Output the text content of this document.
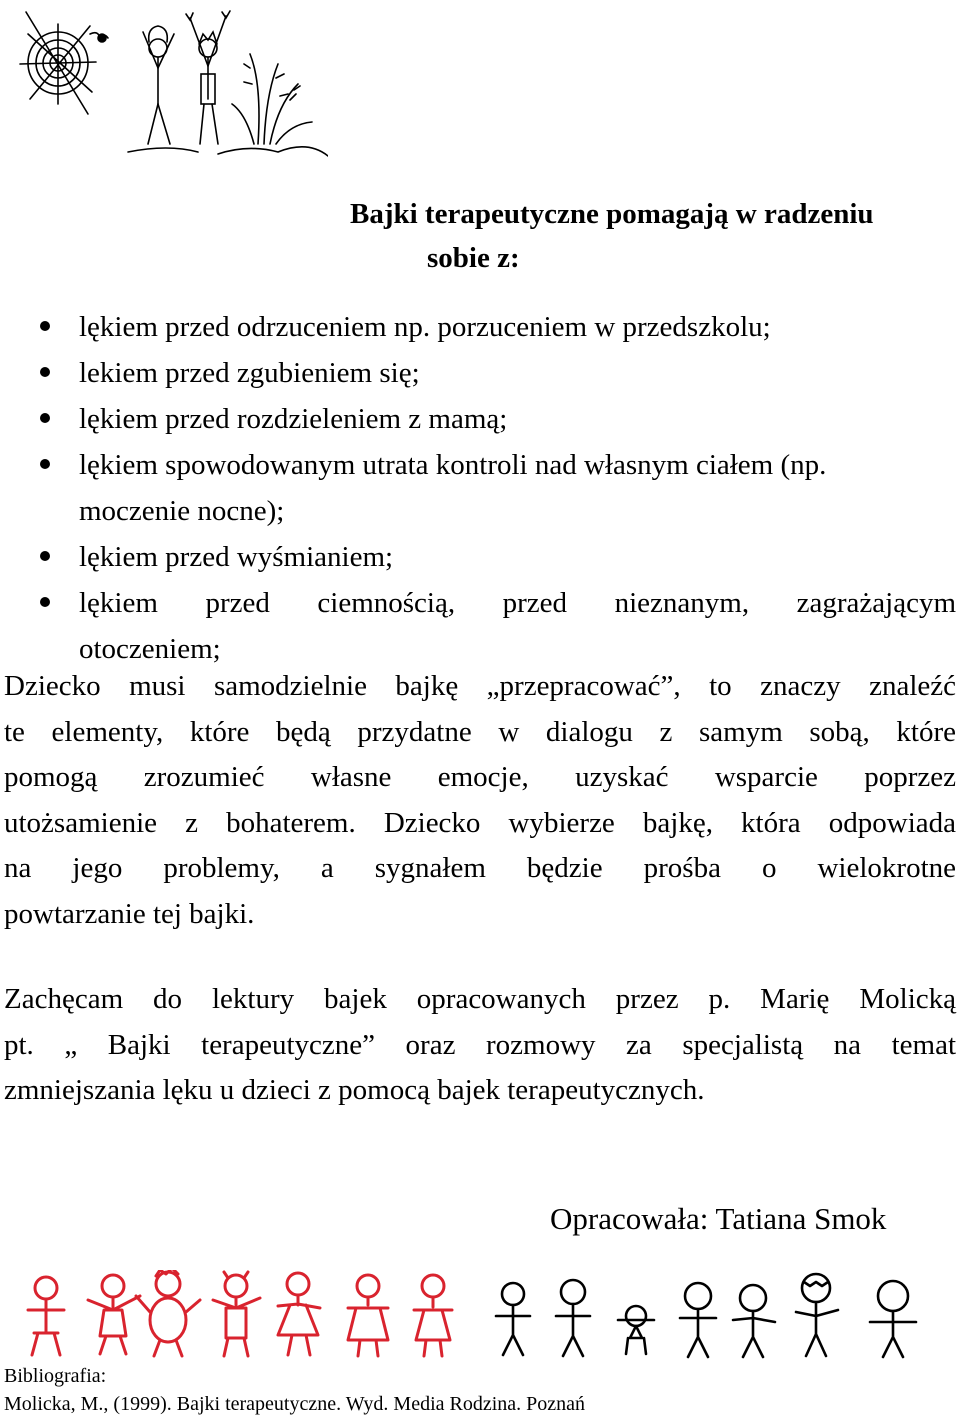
Bajki terapeutyczne pomagają w radzeniu
sobie z:
lękiem przed odrzuceniem np. porzuceniem w przedszkolu;
lekiem przed zgubieniem się;
lękiem przed rozdzieleniem z mamą;
lękiem spowodowanym utrata kontroli nad własnym ciałem (np.
moczenie nocne);
lękiem przed wyśmianiem;
lękiem przed ciemnością, przed nieznanym, zagrażającym
otoczeniem;

Dziecko musi samodzielnie bajkę „przepracować”, to znaczy znaleźć
te elementy, które będą przydatne w dialogu z samym sobą, które
pomogą zrozumieć własne emocje, uzyskać wsparcie poprzez
utożsamienie z bohaterem. Dziecko wybierze bajkę, która odpowiada
na jego problemy, a sygnałem będzie prośba o wielokrotne
powtarzanie tej bajki.

Zachęcam do lektury bajek opracowanych przez p. Marię Molicką
pt. „ Bajki terapeutyczne” oraz rozmowy za specjalistą na temat
zmniejszania lęku u dzieci z pomocą bajek terapeutycznych.

Opracowała: Tatiana Smok
Bibliografia:
Molicka, M., (1999). Bajki terapeutyczne. Wyd. Media Rodzina. Poznań
